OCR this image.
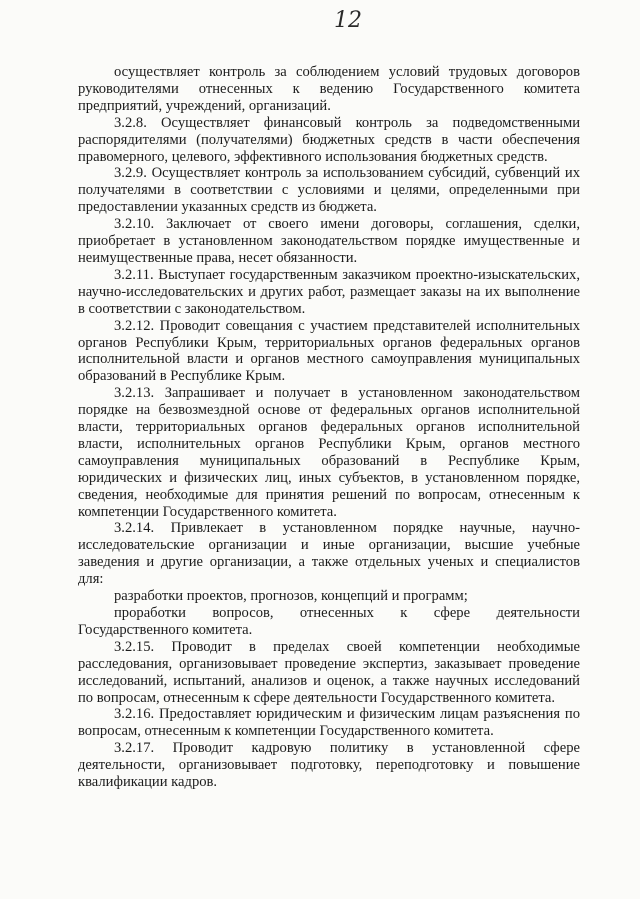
12

осуществляет контроль за соблюдением условий трудовых договоров руководителями отнесенных к ведению Государственного комитета предприятий, учреждений, организаций.

3.2.8. Осуществляет финансовый контроль за подведомственными распорядителями (получателями) бюджетных средств в части обеспечения правомерного, целевого, эффективного использования бюджетных средств.

3.2.9. Осуществляет контроль за использованием субсидий, субвенций их получателями в соответствии с условиями и целями, определенными при предоставлении указанных средств из бюджета.

3.2.10. Заключает от своего имени договоры, соглашения, сделки, приобретает в установленном законодательством порядке имущественные и неимущественные права, несет обязанности.

3.2.11. Выступает государственным заказчиком проектно-изыскательских, научно-исследовательских и других работ, размещает заказы на их выполнение в соответствии с законодательством.

3.2.12. Проводит совещания с участием представителей исполнительных органов Республики Крым, территориальных органов федеральных органов исполнительной власти и органов местного самоуправления муниципальных образований в Республике Крым.

3.2.13. Запрашивает и получает в установленном законодательством порядке на безвозмездной основе от федеральных органов исполнительной власти, территориальных органов федеральных органов исполнительной власти, исполнительных органов Республики Крым, органов местного самоуправления муниципальных образований в Республике Крым, юридических и физических лиц, иных субъектов, в установленном порядке, сведения, необходимые для принятия решений по вопросам, отнесенным к компетенции Государственного комитета.

3.2.14. Привлекает в установленном порядке научные, научно-исследовательские организации и иные организации, высшие учебные заведения и другие организации, а также отдельных ученых и специалистов для:

разработки проектов, прогнозов, концепций и программ;

проработки вопросов, отнесенных к сфере деятельности Государственного комитета.

3.2.15. Проводит в пределах своей компетенции необходимые расследования, организовывает проведение экспертиз, заказывает проведение исследований, испытаний, анализов и оценок, а также научных исследований по вопросам, отнесенным к сфере деятельности Государственного комитета.

3.2.16. Предоставляет юридическим и физическим лицам разъяснения по вопросам, отнесенным к компетенции Государственного комитета.

3.2.17. Проводит кадровую политику в установленной сфере деятельности, организовывает подготовку, переподготовку и повышение квалификации кадров.
